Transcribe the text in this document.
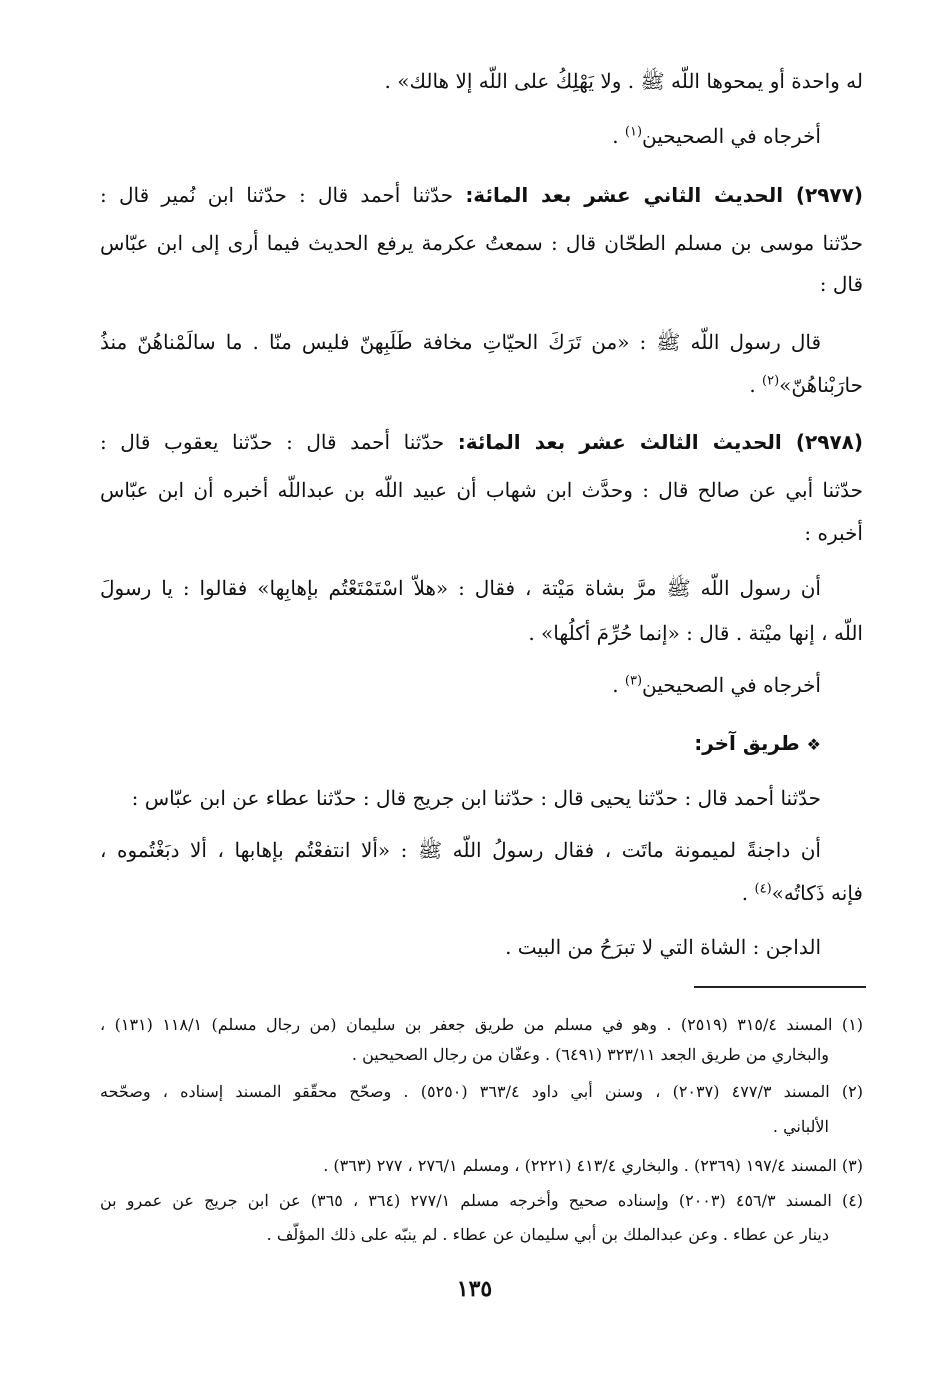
له واحدة أو يمحوها اللّه ﷺ . ولا يَهْلِكُ على اللّه إلا هالك» .
أخرجاه في الصحيحين$^{(١)}$ .
(٢٩٧٧) الحديث الثاني عشر بعد المائة: حدّثنا أحمد قال : حدّثنا ابن نُمير قال :
حدّثنا موسى بن مسلم الطحّان قال : سمعتُ عكرمة يرفع الحديث فيما أرى إلى ابن عبّاس
قال :
قال رسول اللّه ﷺ : «من تَرَكَ الحيّاتِ مخافة طَلَبِهنّ فليس منّا . ما سالَمْناهُنّ منذُ
حارَبْناهُنّ»$^{(٢)}$ .
(٢٩٧٨) الحديث الثالث عشر بعد المائة: حدّثنا أحمد قال : حدّثنا يعقوب قال :
حدّثنا أبي عن صالح قال : وحدَّث ابن شهاب أن عبيد اللّه بن عبداللّه أخبره أن ابن عبّاس
أخبره :
أن رسول اللّه ﷺ مرَّ بشاة مَيْتة ، فقال : «هلاّ اسْتَمْتَعْتُم بإهابِها» فقالوا : يا رسولَ
اللّه ، إنها ميْتة . قال : «إنما حُرِّمَ أكلُها» .
أخرجاه في الصحيحين$^{(٣)}$ .
❖ طريق آخر:
حدّثنا أحمد قال : حدّثنا يحيى قال : حدّثنا ابن جريج قال : حدّثنا عطاء عن ابن عبّاس :
أن داجنةً لميمونة ماتَت ، فقال رسولُ اللّه ﷺ : «ألا انتفعْتُم بإهابها ، ألا دبَغْتُموه ،
فإنه ذَكاتُه»$^{(٤)}$ .
الداجن : الشاة التي لا تبرَحُ من البيت .
(١) المسند ٣١٥/٤ (٢٥١٩) . وهو في مسلم من طريق جعفر بن سليمان (من رجال مسلم) ١١٨/١ (١٣١) ،
والبخاري من طريق الجعد ٣٢٣/١١ (٦٤٩١) . وعفّان من رجال الصحيحين .
(٢) المسند ٤٧٧/٣ (٢٠٣٧) ، وسنن أبي داود ٣٦٣/٤ (٥٢٥٠) . وصحّح محقّقو المسند إسناده ، وصحّحه
الألباني .
(٣) المسند ١٩٧/٤ (٢٣٦٩) . والبخاري ٤١٣/٤ (٢٢٢١) ، ومسلم ٢٧٦/١ ، ٢٧٧ (٣٦٣) .
(٤) المسند ٤٥٦/٣ (٢٠٠٣) وإسناده صحيح وأخرجه مسلم ٢٧٧/١ (٣٦٤ ، ٣٦٥) عن ابن جريج عن عمرو بن
دينار عن عطاء . وعن عبدالملك بن أبي سليمان عن عطاء . لم ينبّه على ذلك المؤلّف .
١٣٥
